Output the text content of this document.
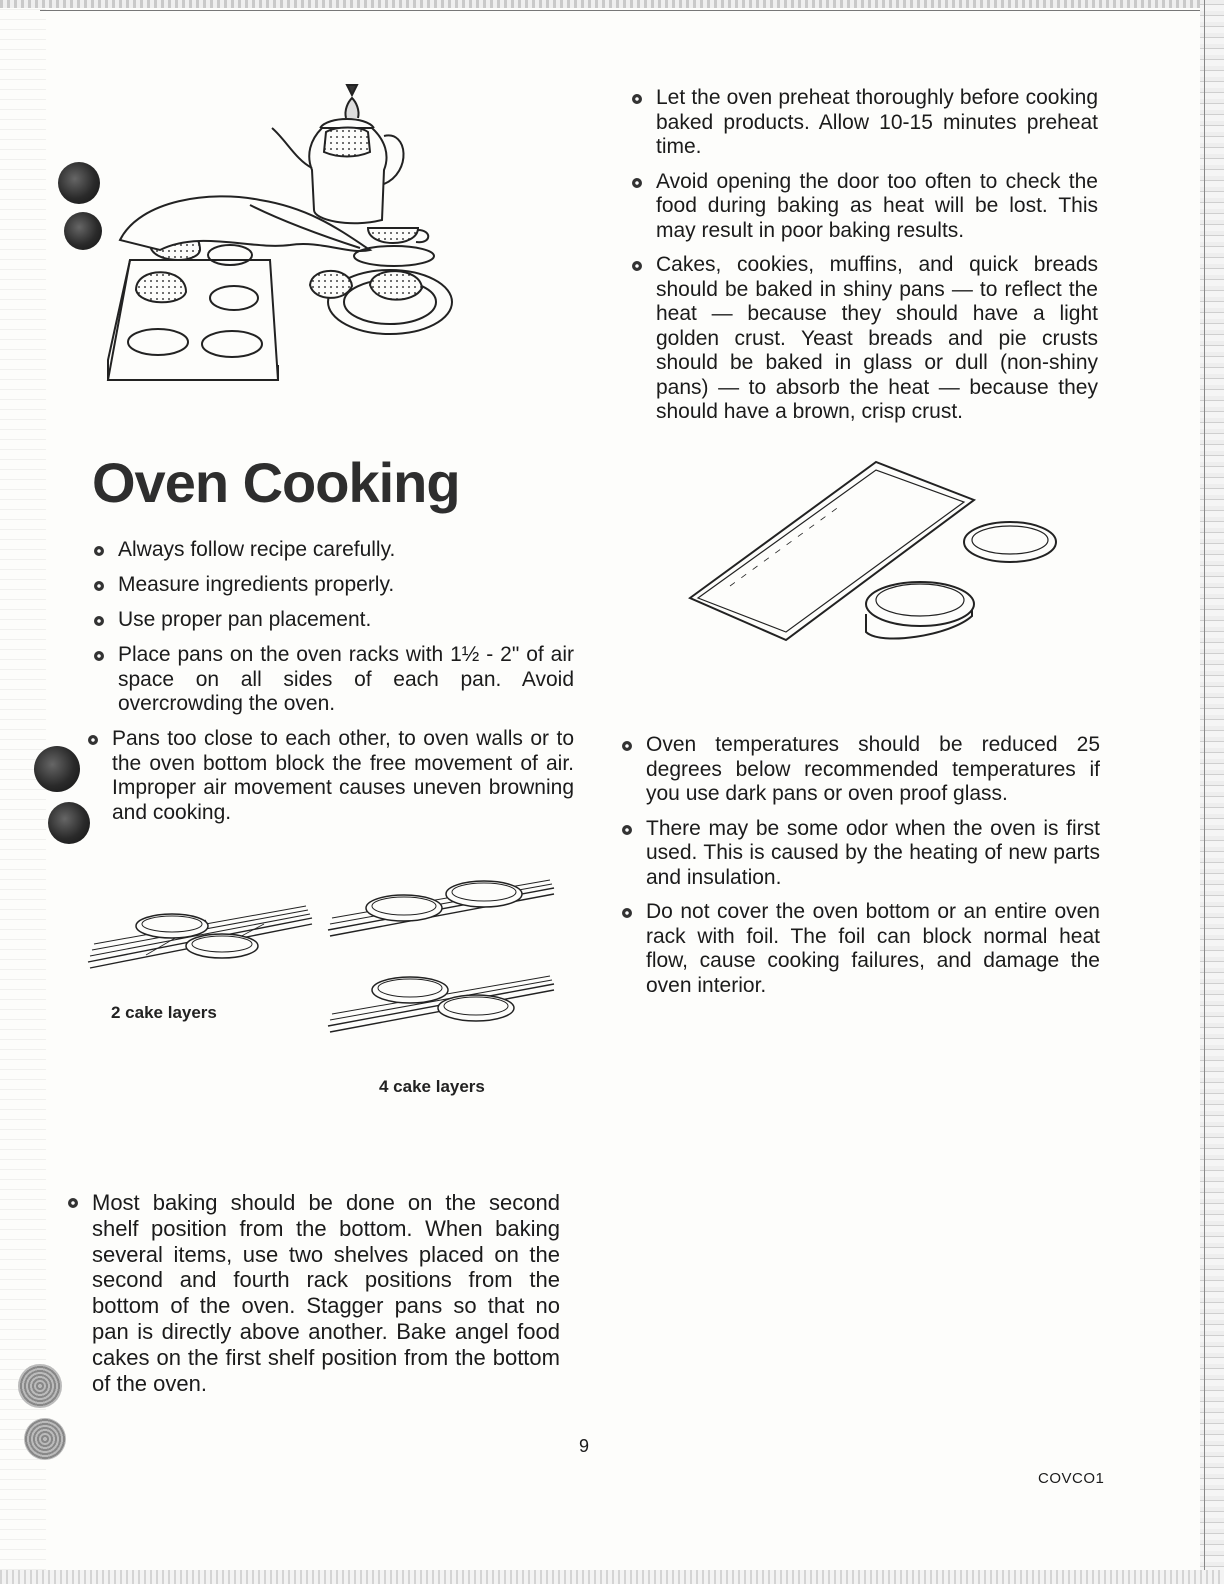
Let the oven preheat thoroughly before cooking baked products. Allow 10-15 minutes preheat time.
Avoid opening the door too often to check the food during baking as heat will be lost. This may result in poor baking results.
Cakes, cookies, muffins, and quick breads should be baked in shiny pans — to reflect the heat — because they should have a light golden crust. Yeast breads and pie crusts should be baked in glass or dull (non-shiny pans) — to absorb the heat — because they should have a brown, crisp crust.
Oven Cooking
Always follow recipe carefully.
Measure ingredients properly.
Use proper pan placement.
Place pans on the oven racks with 1½ - 2" of air space on all sides of each pan. Avoid overcrowding the oven.
Pans too close to each other, to oven walls or to the oven bottom block the free movement of air. Improper air movement causes uneven browning and cooking.
Oven temperatures should be reduced 25 degrees below recommended temperatures if you use dark pans or oven proof glass.
There may be some odor when the oven is first used. This is caused by the heating of new parts and insulation.
Do not cover the oven bottom or an entire oven rack with foil. The foil can block normal heat flow, cause cooking failures, and damage the oven interior.
2 cake layers
4 cake layers
Most baking should be done on the second shelf position from the bottom. When baking several items, use two shelves placed on the second and fourth rack positions from the bottom of the oven. Stagger pans so that no pan is directly above another. Bake angel food cakes on the first shelf position from the bottom of the oven.
9
COVCO1
